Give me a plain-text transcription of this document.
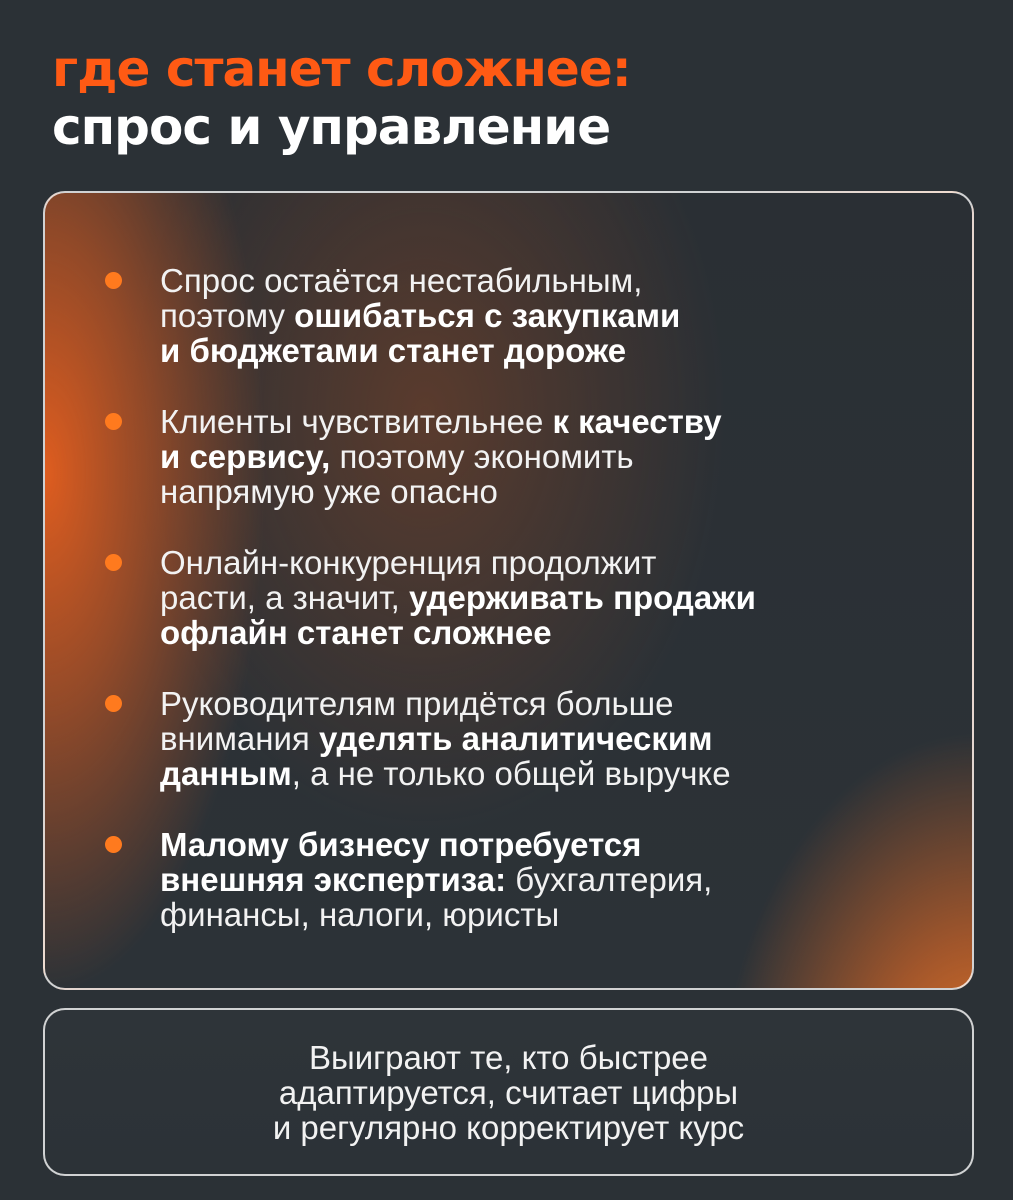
где станет сложнее:
спрос и управление
Спрос остаётся нестабильным,
поэтому ошибаться с закупками
и бюджетами станет дороже
Клиенты чувствительнее к качеству
и сервису, поэтому экономить
напрямую уже опасно
Онлайн-конкуренция продолжит
расти, а значит, удерживать продажи
офлайн станет сложнее
Руководителям придётся больше
внимания уделять аналитическим
данным, а не только общей выручке
Малому бизнесу потребуется
внешняя экспертиза: бухгалтерия,
финансы, налоги, юристы
Выиграют те, кто быстрее
адаптируется, считает цифры
и регулярно корректирует курс
